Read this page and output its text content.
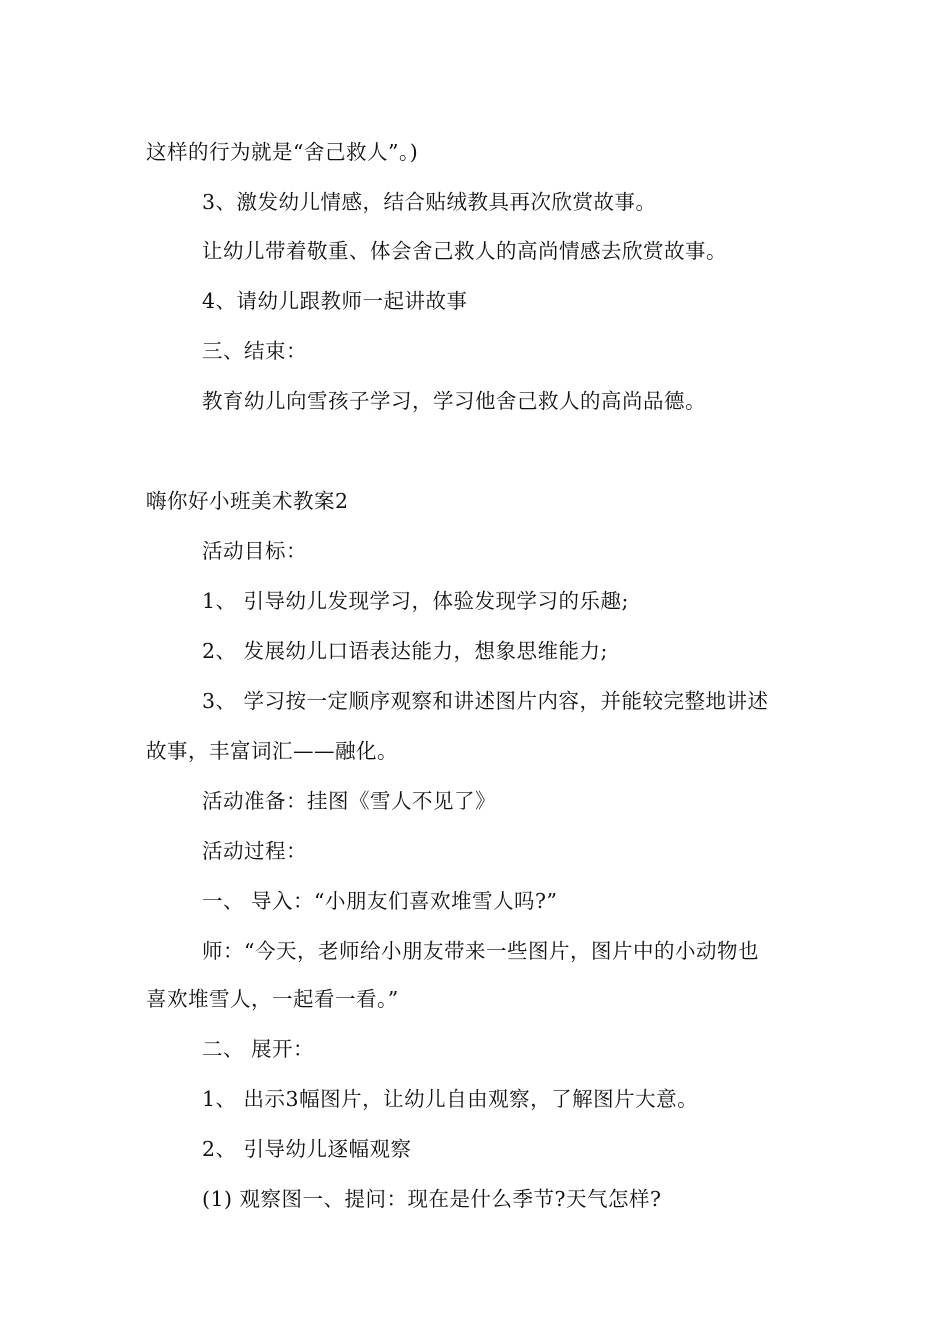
这样的行为就是“舍己救人”。)
3、激发幼儿情感，结合贴绒教具再次欣赏故事。
让幼儿带着敬重、体会舍己救人的高尚情感去欣赏故事。
4、请幼儿跟教师一起讲故事
三、结束：
教育幼儿向雪孩子学习，学习他舍己救人的高尚品德。
嗨你好小班美术教案2
活动目标：
1、 引导幼儿发现学习，体验发现学习的乐趣;
2、 发展幼儿口语表达能力，想象思维能力;
3、 学习按一定顺序观察和讲述图片内容，并能较完整地讲述
故事，丰富词汇——融化。
活动准备：挂图《雪人不见了》
活动过程：
一、 导入：“小朋友们喜欢堆雪人吗?”
师：“今天，老师给小朋友带来一些图片，图片中的小动物也
喜欢堆雪人，一起看一看。”
二、 展开：
1、 出示3幅图片，让幼儿自由观察，了解图片大意。
2、 引导幼儿逐幅观察
(1) 观察图一、提问：现在是什么季节?天气怎样?
